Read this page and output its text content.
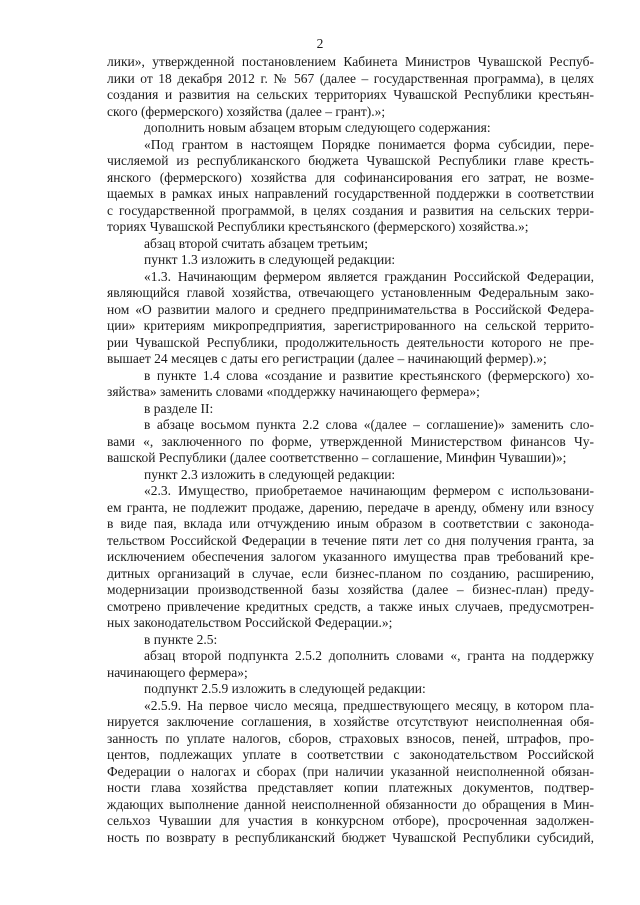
2
лики», утвержденной постановлением Кабинета Министров Чувашской Респуб-
лики от 18 декабря 2012 г. № 567 (далее – государственная программа), в целях
создания и развития на сельских территориях Чувашской Республики крестьян-
ского (фермерского) хозяйства (далее – грант).»;
дополнить новым абзацем вторым следующего содержания:
«Под грантом в настоящем Порядке понимается форма субсидии, пере-
числяемой из республиканского бюджета Чувашской Республики главе кресть-
янского (фермерского) хозяйства для софинансирования его затрат, не возме-
щаемых в рамках иных направлений государственной поддержки в соответствии
с государственной программой, в целях создания и развития на сельских терри-
ториях Чувашской Республики крестьянского (фермерского) хозяйства.»;
абзац второй считать абзацем третьим;
пункт 1.3 изложить в следующей редакции:
«1.3. Начинающим фермером является гражданин Российской Федерации,
являющийся главой хозяйства, отвечающего установленным Федеральным зако-
ном «О развитии малого и среднего предпринимательства в Российской Федера-
ции» критериям микропредприятия, зарегистрированного на сельской террито-
рии Чувашской Республики, продолжительность деятельности которого не пре-
вышает 24 месяцев с даты его регистрации (далее – начинающий фермер).»;
в пункте 1.4 слова «создание и развитие крестьянского (фермерского) хо-
зяйства» заменить словами «поддержку начинающего фермера»;
в разделе II:
в абзаце восьмом пункта 2.2 слова «(далее – соглашение)» заменить сло-
вами «, заключенного по форме, утвержденной Министерством финансов Чу-
вашской Республики (далее соответственно – соглашение, Минфин Чувашии)»;
пункт 2.3 изложить в следующей редакции:
«2.3. Имущество, приобретаемое начинающим фермером с использовани-
ем гранта, не подлежит продаже, дарению, передаче в аренду, обмену или взносу
в виде пая, вклада или отчуждению иным образом в соответствии с законода-
тельством Российской Федерации в течение пяти лет со дня получения гранта, за
исключением обеспечения залогом указанного имущества прав требований кре-
дитных организаций в случае, если бизнес-планом по созданию, расширению,
модернизации производственной базы хозяйства (далее – бизнес-план) преду-
смотрено привлечение кредитных средств, а также иных случаев, предусмотрен-
ных законодательством Российской Федерации.»;
в пункте 2.5:
абзац второй подпункта 2.5.2 дополнить словами «, гранта на поддержку
начинающего фермера»;
подпункт 2.5.9 изложить в следующей редакции:
«2.5.9. На первое число месяца, предшествующего месяцу, в котором пла-
нируется заключение соглашения, в хозяйстве отсутствуют неисполненная обя-
занность по уплате налогов, сборов, страховых взносов, пеней, штрафов, про-
центов, подлежащих уплате в соответствии с законодательством Российской
Федерации о налогах и сборах (при наличии указанной неисполненной обязан-
ности глава хозяйства представляет копии платежных документов, подтвер-
ждающих выполнение данной неисполненной обязанности до обращения в Мин-
сельхоз Чувашии для участия в конкурсном отборе), просроченная задолжен-
ность по возврату в республиканский бюджет Чувашской Республики субсидий,
